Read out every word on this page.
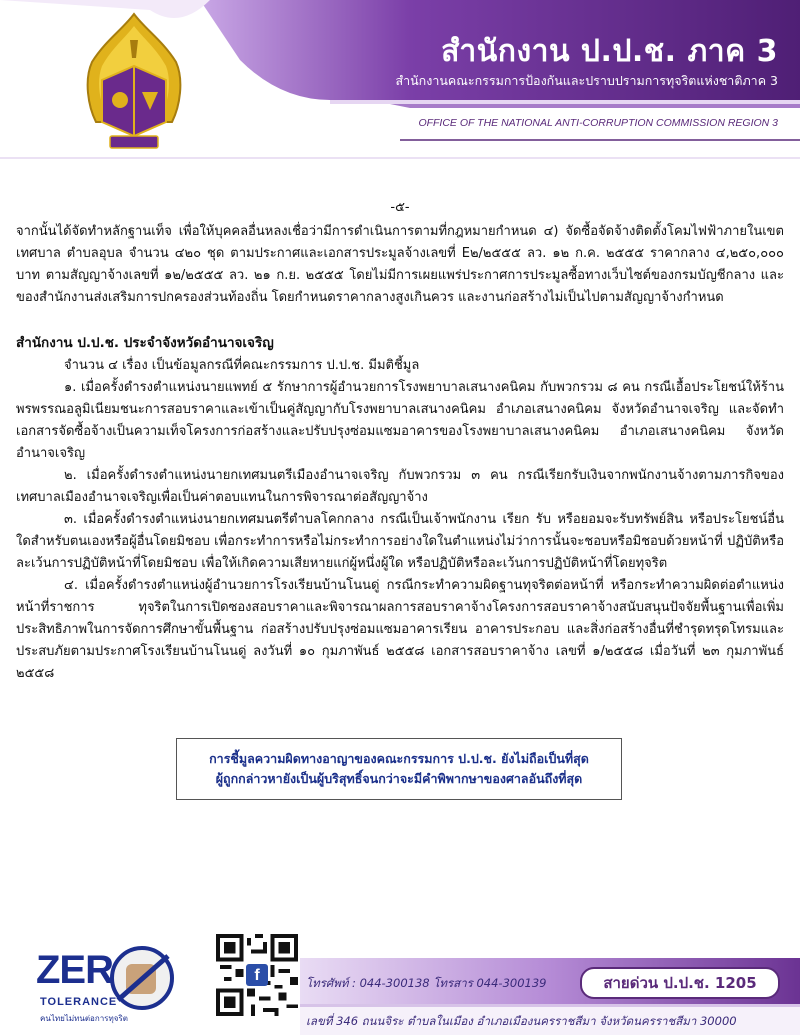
สำนักงาน ป.ป.ช. ภาค 3
สำนักงานคณะกรรมการป้องกันและปราบปรามการทุจริตแห่งชาติภาค 3
OFFICE OF THE NATIONAL ANTI-CORRUPTION COMMISSION REGION 3
-๕-

จากนั้นได้จัดทำหลักฐานเท็จ เพื่อให้บุคคลอื่นหลงเชื่อว่ามีการดำเนินการตามที่กฎหมายกำหนด ๔) จัดซื้อจัดจ้างติดตั้งโคมไฟฟ้าภายในเขตเทศบาล ตำบลอุบล จำนวน ๔๒๐ ชุด ตามประกาศและเอกสารประมูลจ้างเลขที่ E๒/๒๕๕๕ ลว. ๑๒ ก.ค. ๒๕๕๕ ราคากลาง ๔,๒๕๐,๐๐๐ บาท ตามสัญญาจ้างเลขที่ ๑๒/๒๕๕๕ ลว. ๒๑ ก.ย. ๒๕๕๕ โดยไม่มีการเผยแพร่ประกาศการประมูลซื้อทางเว็บไซต์ของกรมบัญชีกลาง และของสำนักงานส่งเสริมการปกครองส่วนท้องถิ่น โดยกำหนดราคากลางสูงเกินควร และงานก่อสร้างไม่เป็นไปตามสัญญาจ้างกำหนด

สำนักงาน ป.ป.ช. ประจำจังหวัดอำนาจเจริญ

จำนวน ๔ เรื่อง เป็นข้อมูลกรณีที่คณะกรรมการ ป.ป.ช. มีมติชี้มูล

๑. เมื่อครั้งดำรงตำแหน่งนายแพทย์ ๕ รักษาการผู้อำนวยการโรงพยาบาลเสนางคนิคม กับพวกรวม ๘ คน กรณีเอื้อประโยชน์ให้ร้านพรพรรณอลูมิเนียมชนะการสอบราคาและเข้าเป็นคู่สัญญากับโรงพยาบาลเสนางคนิคม อำเภอเสนางคนิคม จังหวัดอำนาจเจริญ และจัดทำเอกสารจัดซื้อจ้างเป็นความเท็จโครงการก่อสร้างและปรับปรุงซ่อมแซมอาคารของโรงพยาบาลเสนางคนิคม อำเภอเสนางคนิคม จังหวัดอำนาจเจริญ

๒. เมื่อครั้งดำรงตำแหน่งนายกเทศมนตรีเมืองอำนาจเจริญ กับพวกรวม ๓ คน กรณีเรียกรับเงินจากพนักงานจ้างตามภารกิจของเทศบาลเมืองอำนาจเจริญเพื่อเป็นค่าตอบแทนในการพิจารณาต่อสัญญาจ้าง

๓. เมื่อครั้งดำรงตำแหน่งนายกเทศมนตรีตำบลโคกกลาง กรณีเป็นเจ้าพนักงาน เรียก รับ หรือยอมจะรับทรัพย์สิน หรือประโยชน์อื่นใดสำหรับตนเองหรือผู้อื่นโดยมิชอบ เพื่อกระทำการหรือไม่กระทำการอย่างใดในตำแหน่งไม่ว่าการนั้นจะชอบหรือมิชอบด้วยหน้าที่ ปฏิบัติหรือละเว้นการปฏิบัติหน้าที่โดยมิชอบ เพื่อให้เกิดความเสียหายแก่ผู้หนึ่งผู้ใด หรือปฏิบัติหรือละเว้นการปฏิบัติหน้าที่โดยทุจริต

๔. เมื่อครั้งดำรงตำแหน่งผู้อำนวยการโรงเรียนบ้านโนนดู่ กรณีกระทำความผิดฐานทุจริตต่อหน้าที่ หรือกระทำความผิดต่อตำแหน่งหน้าที่ราชการ ทุจริตในการเปิดซองสอบราคาและพิจารณาผลการสอบราคาจ้างโครงการสอบราคาจ้างสนับสนุนปัจจัยพื้นฐานเพื่อเพิ่มประสิทธิภาพในการจัดการศึกษาขั้นพื้นฐาน ก่อสร้างปรับปรุงซ่อมแซมอาคารเรียน อาคารประกอบ และสิ่งก่อสร้างอื่นที่ชำรุดทรุดโทรมและประสบภัยตามประกาศโรงเรียนบ้านโนนดู่ ลงวันที่ ๑๐ กุมภาพันธ์ ๒๕๕๘ เอกสารสอบราคาจ้าง เลขที่ ๑/๒๕๕๘ เมื่อวันที่ ๒๓ กุมภาพันธ์ ๒๕๕๘

การชี้มูลความผิดทางอาญาของคณะกรรมการ ป.ป.ช. ยังไม่ถือเป็นที่สุด
ผู้ถูกกล่าวหายังเป็นผู้บริสุทธิ์จนกว่าจะมีคำพิพากษาของศาลอันถึงที่สุด
ZER
TOLERANCE
คนไทยไม่ทนต่อการทุจริต
f	โทรศัพท์ : 044-300138 โทรสาร 044-300139	สายด่วน ป.ป.ช. 1205
เลขที่ 346 ถนนจิระ ตำบลในเมือง อำเภอเมืองนครราชสีมา จังหวัดนครราชสีมา 30000
